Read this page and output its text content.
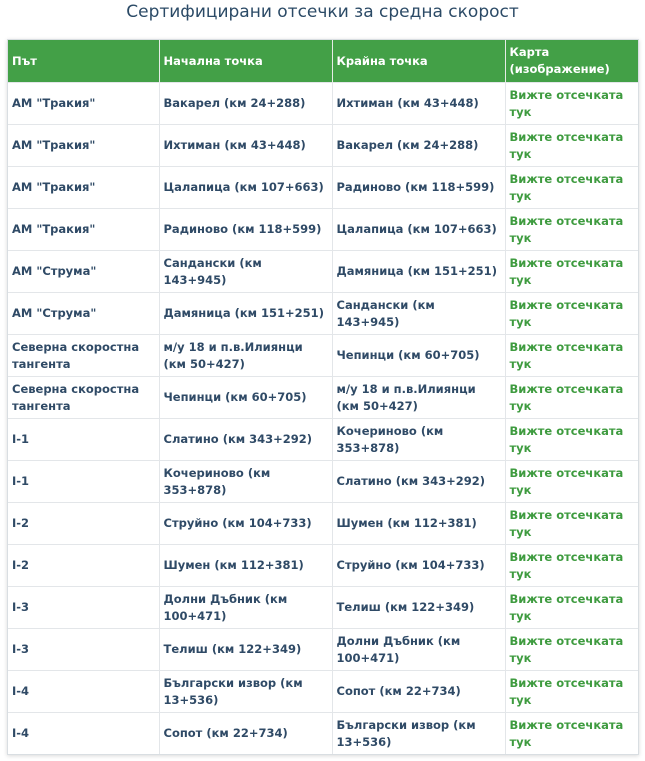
Сертифицирани отсечки за средна скорост
Път	Начална точка	Крайна точка	Карта (изображение)
АМ "Тракия"	Вакарел (км 24+288)	Ихтиман (км 43+448)	Вижте отсечката тук
АМ "Тракия"	Ихтиман (км 43+448)	Вакарел (км 24+288)	Вижте отсечката тук
АМ "Тракия"	Цалапица (км 107+663)	Радиново (км 118+599)	Вижте отсечката тук
АМ "Тракия"	Радиново (км 118+599)	Цалапица (км 107+663)	Вижте отсечката тук
АМ "Струма"	Сандански (км 143+945)	Дамяница (км 151+251)	Вижте отсечката тук
АМ "Струма"	Дамяница (км 151+251)	Сандански (км 143+945)	Вижте отсечката тук
Северна скоростна тангента	м/у 18 и п.в.Илиянци (км 50+427)	Чепинци (км 60+705)	Вижте отсечката тук
Северна скоростна тангента	Чепинци (км 60+705)	м/у 18 и п.в.Илиянци (км 50+427)	Вижте отсечката тук
I-1	Слатино (км 343+292)	Кочериново (км 353+878)	Вижте отсечката тук
I-1	Кочериново (км 353+878)	Слатино (км 343+292)	Вижте отсечката тук
I-2	Струйно (км 104+733)	Шумен (км 112+381)	Вижте отсечката тук
I-2	Шумен (км 112+381)	Струйно (км 104+733)	Вижте отсечката тук
I-3	Долни Дъбник (км 100+471)	Телиш (км 122+349)	Вижте отсечката тук
I-3	Телиш (км 122+349)	Долни Дъбник (км 100+471)	Вижте отсечката тук
I-4	Български извор (км 13+536)	Сопот (км 22+734)	Вижте отсечката тук
I-4	Сопот (км 22+734)	Български извор (км 13+536)	Вижте отсечката тук
